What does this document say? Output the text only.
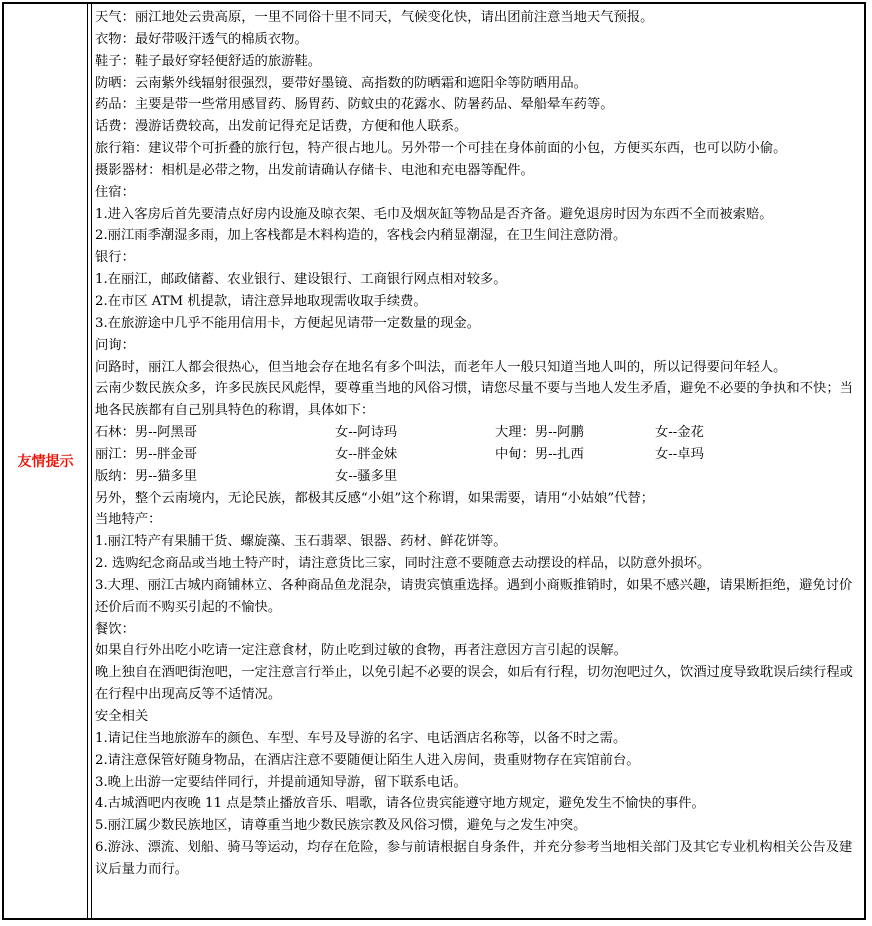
友情提示

天气：丽江地处云贵高原，一里不同俗十里不同天，气候变化快，请出团前注意当地天气预报。

衣物：最好带吸汗透气的棉质衣物。

鞋子：鞋子最好穿轻便舒适的旅游鞋。

防晒：云南紫外线辐射很强烈，要带好墨镜、高指数的防晒霜和遮阳伞等防晒用品。

药品：主要是带一些常用感冒药、肠胃药、防蚊虫的花露水、防暑药品、晕船晕车药等。

话费：漫游话费较高，出发前记得充足话费，方便和他人联系。

旅行箱：建议带个可折叠的旅行包，特产很占地儿。另外带一个可挂在身体前面的小包，方便买东西，也可以防小偷。

摄影器材：相机是必带之物，出发前请确认存储卡、电池和充电器等配件。

住宿：

1.进入客房后首先要清点好房内设施及晾衣架、毛巾及烟灰缸等物品是否齐备。避免退房时因为东西不全而被索赔。

2.丽江雨季潮湿多雨，加上客栈都是木料构造的，客栈会内稍显潮湿，在卫生间注意防滑。

银行：

1.在丽江，邮政储蓄、农业银行、建设银行、工商银行网点相对较多。

2.在市区 ATM 机提款，请注意异地取现需收取手续费。

3.在旅游途中几乎不能用信用卡，方便起见请带一定数量的现金。

问询：

问路时，丽江人都会很热心，但当地会存在地名有多个叫法，而老年人一般只知道当地人叫的，所以记得要问年轻人。

云南少数民族众多，许多民族民风彪悍，要尊重当地的风俗习惯，请您尽量不要与当地人发生矛盾，避免不必要的争执和不快；当地各民族都有自己别具特色的称谓，具体如下：

石林：男--阿黑哥	女--阿诗玛	大理：男--阿鹏	女--金花
丽江：男--胖金哥	女--胖金妹	中甸：男--扎西	女--卓玛
版纳：男--猫多里	女--骚多里

另外，整个云南境内，无论民族，都极其反感“小姐”这个称谓，如果需要，请用“小姑娘”代替；

当地特产：

1.丽江特产有果脯干货、螺旋藻、玉石翡翠、银器、药材、鲜花饼等。

2. 选购纪念商品或当地土特产时，请注意货比三家，同时注意不要随意去动摆设的样品，以防意外损坏。

3.大理、丽江古城内商铺林立、各种商品鱼龙混杂，请贵宾慎重选择。遇到小商贩推销时，如果不感兴趣，请果断拒绝，避免讨价还价后而不购买引起的不愉快。

餐饮：

如果自行外出吃小吃请一定注意食材，防止吃到过敏的食物，再者注意因方言引起的误解。

晚上独自在酒吧街泡吧，一定注意言行举止，以免引起不必要的误会，如后有行程，切勿泡吧过久，饮酒过度导致耽误后续行程或在行程中出现高反等不适情况。

安全相关

1.请记住当地旅游车的颜色、车型、车号及导游的名字、电话酒店名称等，以备不时之需。

2.请注意保管好随身物品，在酒店注意不要随便让陌生人进入房间，贵重财物存在宾馆前台。

3.晚上出游一定要结伴同行，并提前通知导游，留下联系电话。

4.古城酒吧内夜晚 11 点是禁止播放音乐、唱歌，请各位贵宾能遵守地方规定，避免发生不愉快的事件。

5.丽江属少数民族地区，请尊重当地少数民族宗教及风俗习惯，避免与之发生冲突。

6.游泳、漂流、划船、骑马等运动，均存在危险，参与前请根据自身条件，并充分参考当地相关部门及其它专业机构相关公告及建议后量力而行。
